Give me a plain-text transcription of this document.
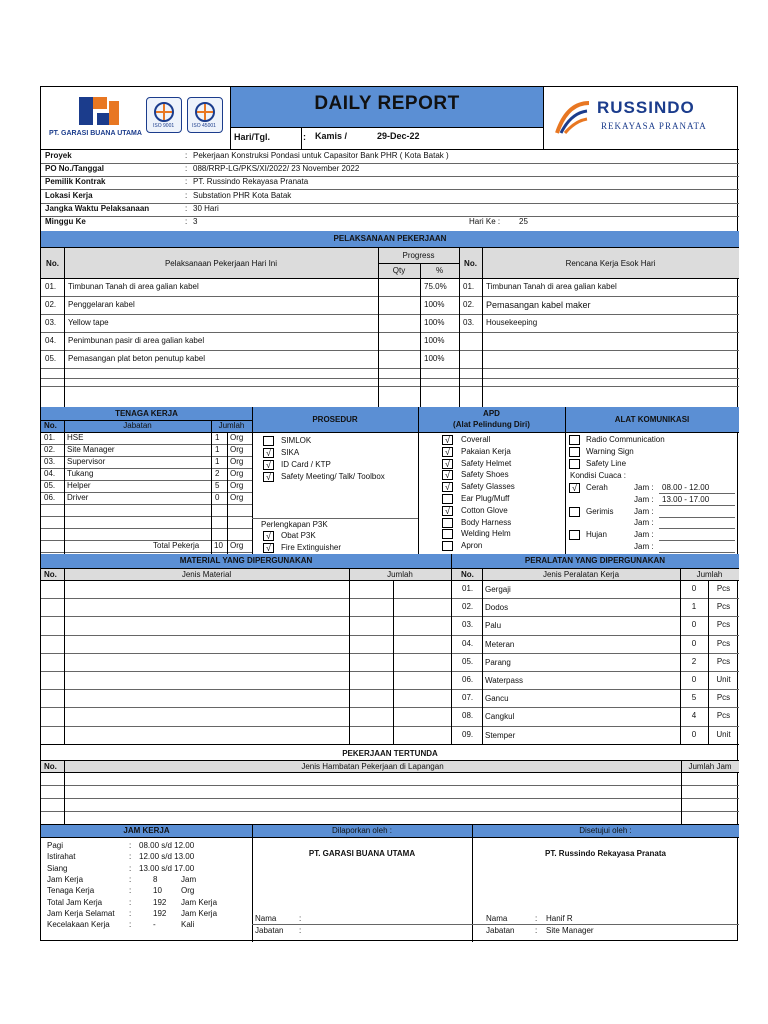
PT. GARASI BUANA UTAMA
ISO 9001	ISO 45001
DAILY REPORT
Hari/Tgl.	: Kamis /	29-Dec-22
RUSSINDO
REKAYASA PRANATA
Proyek	: Pekerjaan Konstruksi Pondasi untuk Capasitor Bank PHR ( Kota Batak )
PO No./Tanggal	: 088/RRP-LG/PKS/XI/2022/ 23 November 2022
Pemilik Kontrak	: PT. Russindo Rekayasa Pranata
Lokasi Kerja	: Substation PHR Kota Batak
Jangka Waktu Pelaksanaan	: 30 Hari
Minggu Ke	: 3	Hari Ke : 25
PELAKSANAAN PEKERJAAN
No.	Pelaksanaan Pekerjaan Hari Ini
Progress
Qty	%
No.	Rencana Kerja Esok Hari
01. Timbunan Tanah di area galian kabel	75.0% 01. Timbunan Tanah di area galian kabel
02. Penggelaran kabel	100% 02. Pemasangan kabel maker
03. Yellow tape	100% 03. Housekeeping
04. Penimbunan pasir di area galian kabel	100%
05. Pemasangan plat beton penutup kabel	100%
TENAGA KERJA
No.	Jabatan	Jumlah
PROSEDUR
APD
(Alat Pelindung Diri)
ALAT KOMUNIKASI
01. HSE	1 Org
02. Site Manager	1 Org
03. Supervisor	1 Org
04. Tukang	2 Org
05. Helper	5 Org
06. Driver	0 Org
Total Pekerja 10 Org
SIMLOK
√	SIKA
√	ID Card / KTP
√	Safety Meeting/ Talk/ Toolbox
Perlengkapan P3K
√	Obat P3K
√	Fire Extinguisher
√	Coverall
√	Pakaian Kerja
√	Safety Helmet
√	Safety Shoes
√	Safety Glasses
Ear Plug/Muff
√	Cotton Glove
Body Harness
Welding Helm
Apron
Radio Communication
Warning Sign
Safety Line
Kondisi Cuaca :
√	Cerah	Jam : 08.00 - 12.00
Jam : 13.00 - 17.00
Gerimis	Jam :
Jam :
Hujan	Jam :
Jam :
MATERIAL YANG DIPERGUNAKAN	PERALATAN YANG DIPERGUNAKAN
No.	Jenis Material	Jumlah	No.	Jenis Peralatan Kerja	Jumlah
01. Gergaji	0	Pcs
02. Dodos	1	Pcs
03. Palu	0	Pcs
04. Meteran	0	Pcs
05. Parang	2	Pcs
06. Waterpass	0	Unit
07. Gancu	5	Pcs
08. Cangkul	4	Pcs
09. Stemper	0	Unit
PEKERJAAN TERTUNDA
No.	Jenis Hambatan Pekerjaan di Lapangan	Jumlah Jam
JAM KERJA	Dilaporkan oleh :	Disetujui oleh :
Pagi	: 08.00 s/d 12.00
Istirahat	: 12.00 s/d 13.00
Siang	: 13.00 s/d 17.00
Jam Kerja	:	8	Jam
Tenaga Kerja	:	10 Org
Total Jam Kerja	:	192 Jam Kerja
Jam Kerja Selamat :	192 Jam Kerja
Kecelakaan Kerja :	-	Kali
PT. GARASI BUANA UTAMA
Nama	:
Jabatan :
PT. Russindo Rekayasa Pranata
Nama	: Hanif R
Jabatan	: Site Manager
